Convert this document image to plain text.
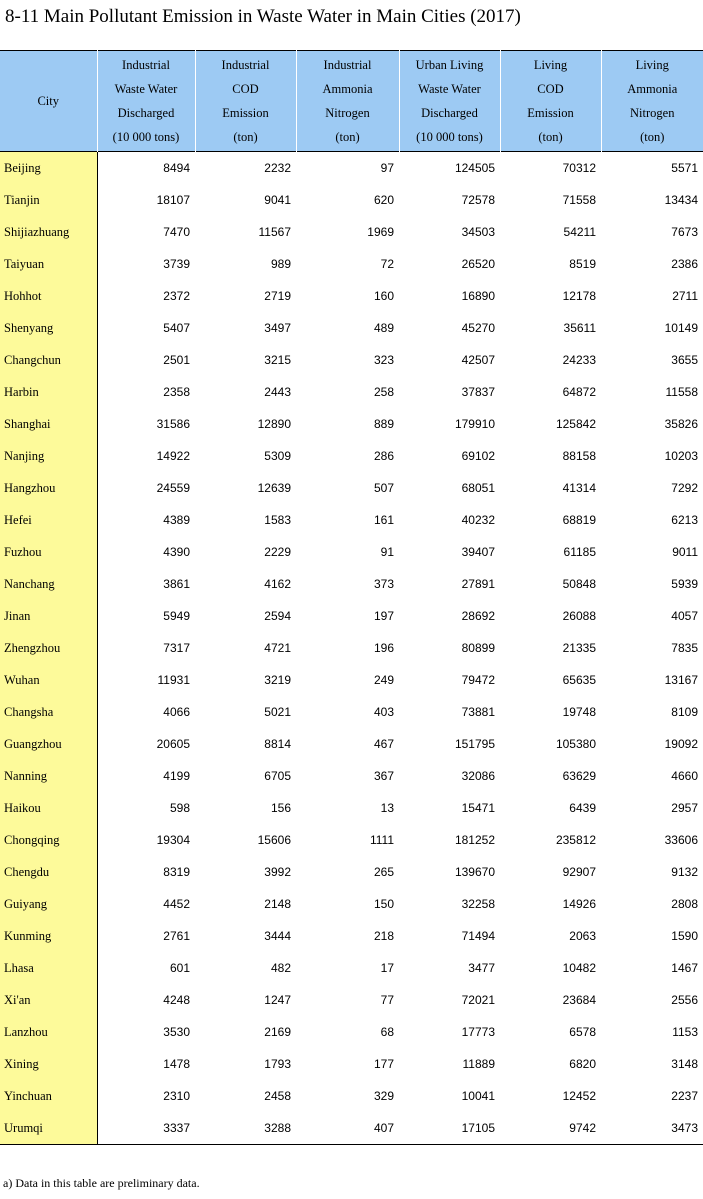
8-11 Main Pollutant Emission in Waste Water in Main Cities (2017)
City	Industrial
Waste Water
Discharged
(10 000 tons)	Industrial
COD
Emission
(ton)	Industrial
Ammonia
Nitrogen
(ton)	Urban Living
Waste Water
Discharged
(10 000 tons)	Living
COD
Emission
(ton)	Living
Ammonia
Nitrogen
(ton)

Beijing	8494	2232	97	124505	70312	5571
Tianjin	18107	9041	620	72578	71558	13434
Shijiazhuang	7470	11567	1969	34503	54211	7673
Taiyuan	3739	989	72	26520	8519	2386
Hohhot	2372	2719	160	16890	12178	2711
Shenyang	5407	3497	489	45270	35611	10149
Changchun	2501	3215	323	42507	24233	3655
Harbin	2358	2443	258	37837	64872	11558
Shanghai	31586	12890	889	179910	125842	35826
Nanjing	14922	5309	286	69102	88158	10203
Hangzhou	24559	12639	507	68051	41314	7292
Hefei	4389	1583	161	40232	68819	6213
Fuzhou	4390	2229	91	39407	61185	9011
Nanchang	3861	4162	373	27891	50848	5939
Jinan	5949	2594	197	28692	26088	4057
Zhengzhou	7317	4721	196	80899	21335	7835
Wuhan	11931	3219	249	79472	65635	13167
Changsha	4066	5021	403	73881	19748	8109
Guangzhou	20605	8814	467	151795	105380	19092
Nanning	4199	6705	367	32086	63629	4660
Haikou	598	156	13	15471	6439	2957
Chongqing	19304	15606	1111	181252	235812	33606
Chengdu	8319	3992	265	139670	92907	9132
Guiyang	4452	2148	150	32258	14926	2808
Kunming	2761	3444	218	71494	2063	1590
Lhasa	601	482	17	3477	10482	1467
Xi'an	4248	1247	77	72021	23684	2556
Lanzhou	3530	2169	68	17773	6578	1153
Xining	1478	1793	177	11889	6820	3148
Yinchuan	2310	2458	329	10041	12452	2237
Urumqi	3337	3288	407	17105	9742	3473
a) Data in this table are preliminary data.
